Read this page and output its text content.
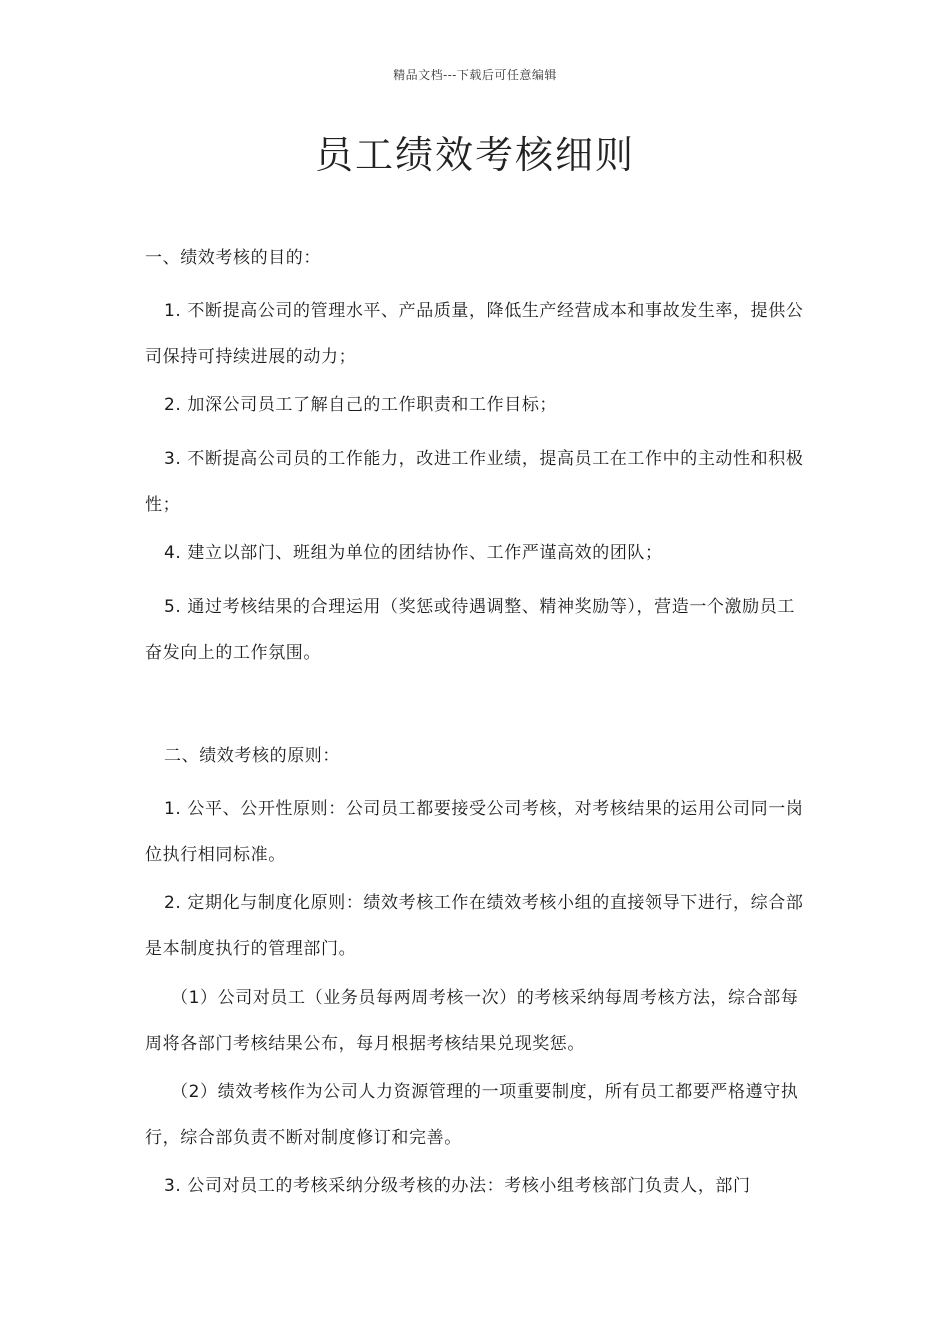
精品文档---下载后可任意编辑
员工绩效考核细则

一、绩效考核的目的：

1. 不断提高公司的管理水平、产品质量，降低生产经营成本和事故发生率，提供公司保持可持续进展的动力；

2. 加深公司员工了解自己的工作职责和工作目标；

3. 不断提高公司员的工作能力，改进工作业绩，提高员工在工作中的主动性和积极性；

4. 建立以部门、班组为单位的团结协作、工作严谨高效的团队；

5. 通过考核结果的合理运用（奖惩或待遇调整、精神奖励等），营造一个激励员工奋发向上的工作氛围。

二、绩效考核的原则：

1. 公平、公开性原则：公司员工都要接受公司考核，对考核结果的运用公司同一岗位执行相同标准。

2. 定期化与制度化原则：绩效考核工作在绩效考核小组的直接领导下进行，综合部是本制度执行的管理部门。

（1）公司对员工（业务员每两周考核一次）的考核采纳每周考核方法，综合部每周将各部门考核结果公布，每月根据考核结果兑现奖惩。

（2）绩效考核作为公司人力资源管理的一项重要制度，所有员工都要严格遵守执行，综合部负责不断对制度修订和完善。

3. 公司对员工的考核采纳分级考核的办法：考核小组考核部门负责人，部门
